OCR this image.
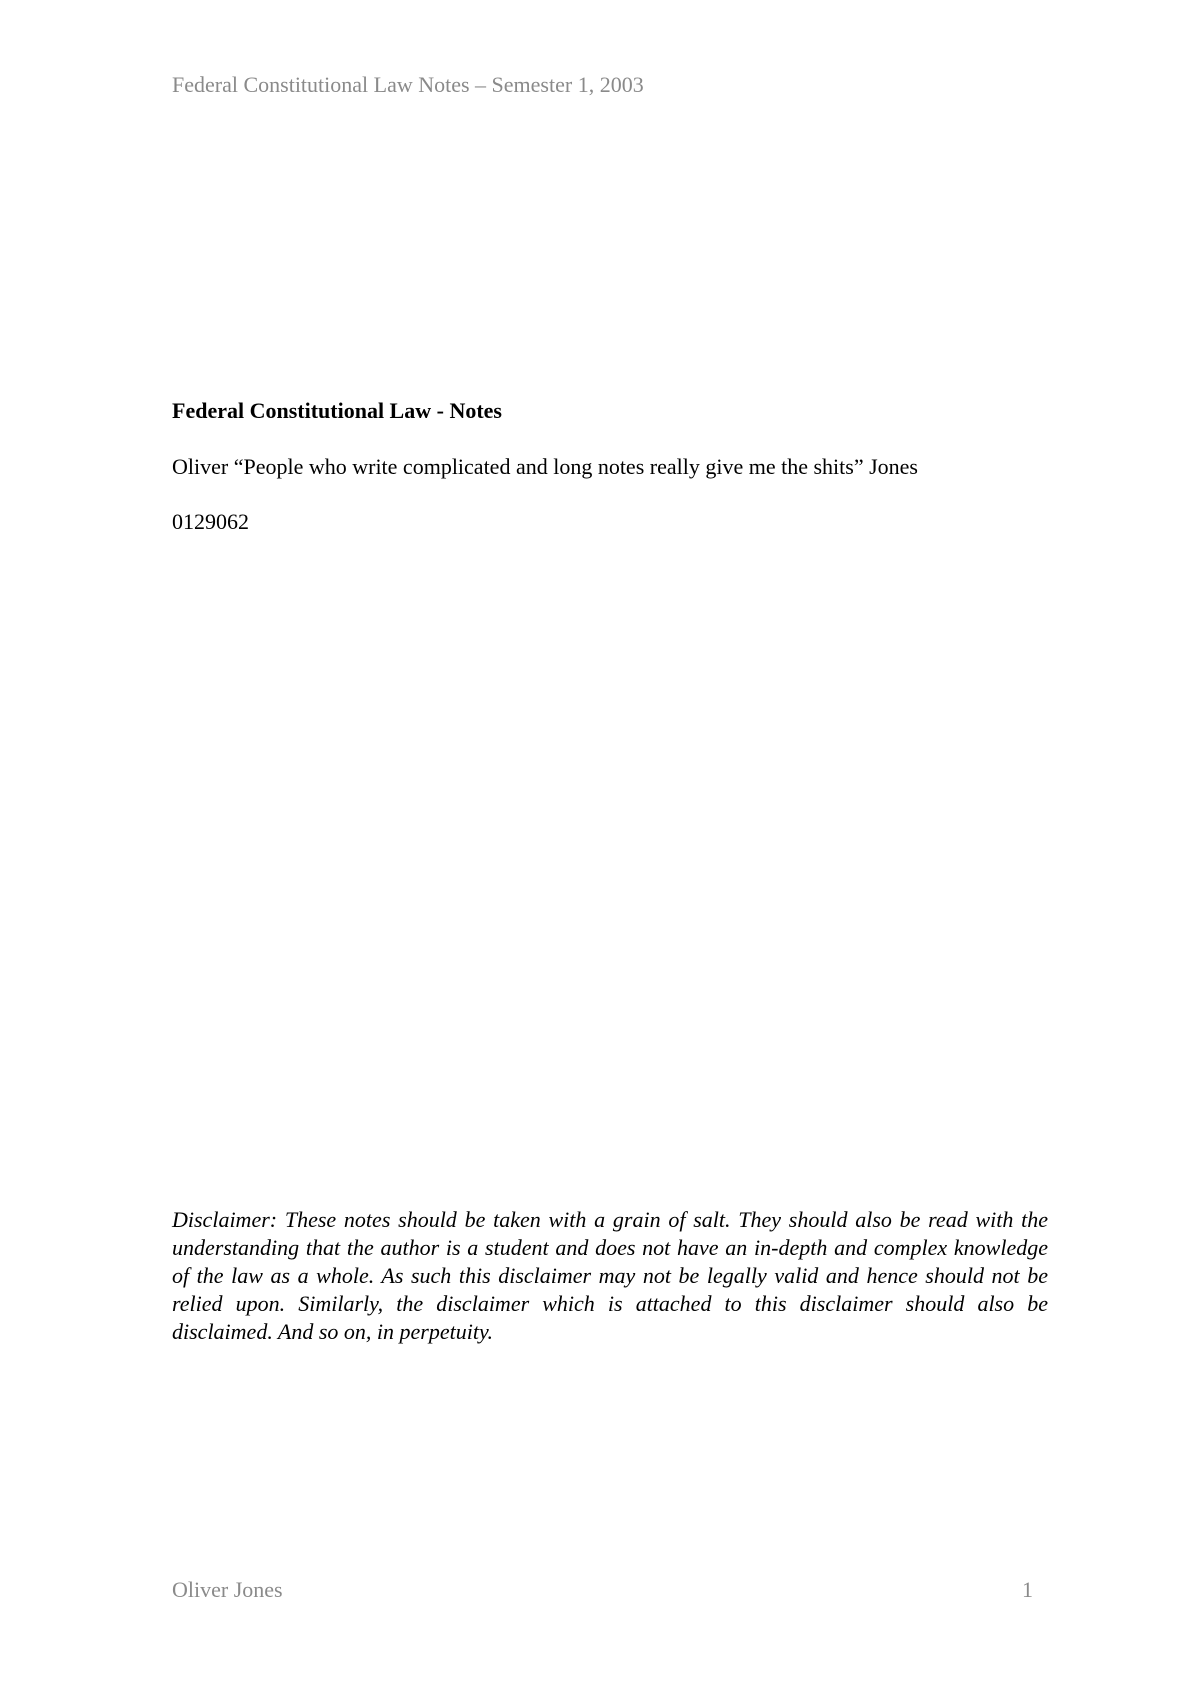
Federal Constitutional Law Notes – Semester 1, 2003
Federal Constitutional Law - Notes
Oliver “People who write complicated and long notes really give me the shits” Jones
0129062
Disclaimer: These notes should be taken with a grain of salt. They should also be read with the understanding that the author is a student and does not have an in-depth and complex knowledge of the law as a whole. As such this disclaimer may not be legally valid and hence should not be relied upon. Similarly, the disclaimer which is attached to this disclaimer should also be disclaimed. And so on, in perpetuity.
Oliver Jones	1
